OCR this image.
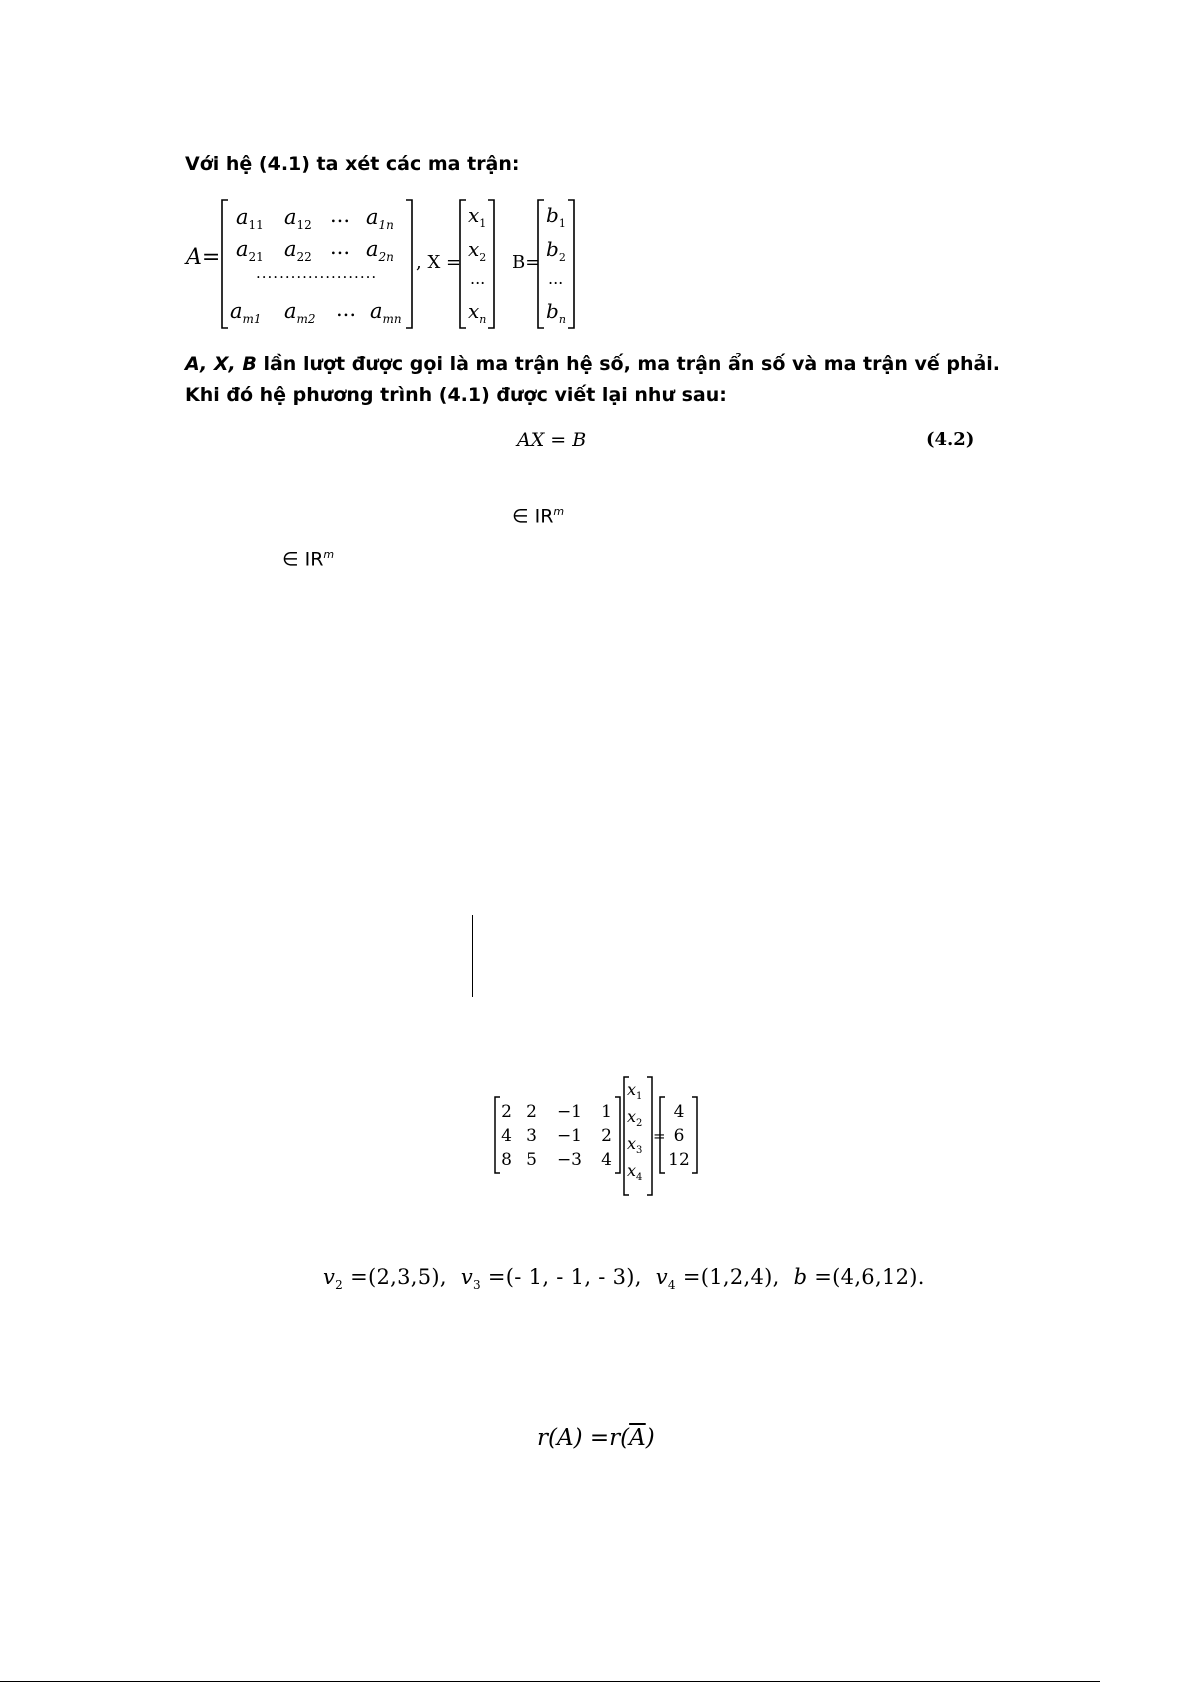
Với hệ (4.1) ta xét các ma trận:
A=
$a_{11}$ $a_{12}$ ... $a_{1n}$
$a_{21}$ $a_{22}$ ... $a_{2n}$
.....................
$a_{m1}$ $a_{m2}$ ... $a_{mn}$
, X =
$x_1$
$x_2$
...
$x_n$
B=
$b_1$
$b_2$
...
$b_n$
A, X, B lần lượt được gọi là ma trận hệ số, ma trận ẩn số và ma trận vế phải. Khi đó hệ phương trình (4.1) được viết lại như sau:
AX = B	(4.2)
∈ $IR^m$
∈ $IR^m$
2 2 −1 1
4 3 −1 2
8 5 −3 4
$x_1$
$x_2$
$x_3$
$x_4$
=
4
6
12
$v_2 =(2,3,5)$, $v_3$ =(- 1, - 1, - 3), $v_4 =(1,2,4)$, b =(4,6,12).
$r(A) =r(\overline{A})$
